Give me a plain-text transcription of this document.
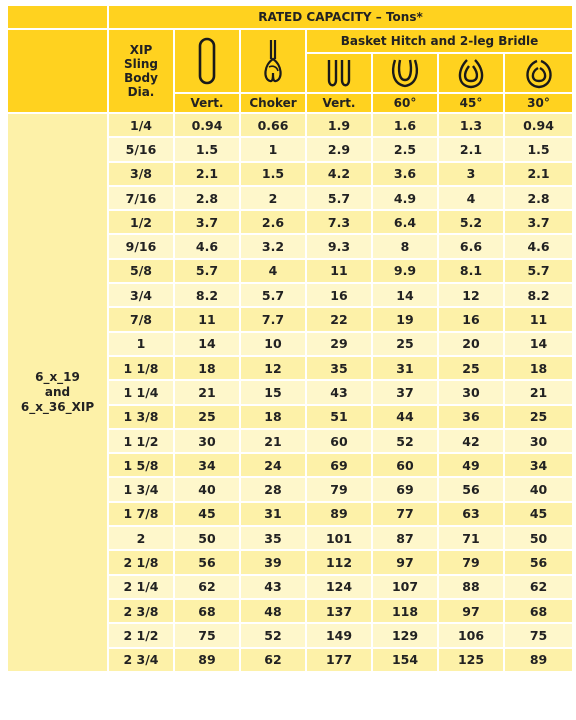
	RATED CAPACITY – Tons*						

	XIP
Sling
Body
Dia.			Basket Hitch and 2-leg Bridle			

		Vert.	Choker	Vert.	60°	45°	30°
6_x_19
and
6_x_36_XIP	1/4	0.94	0.66	1.9	1.6	1.3	0.94
	5/16	1.5	1	2.9	2.5	2.1	1.5
	3/8	2.1	1.5	4.2	3.6	3	2.1
	7/16	2.8	2	5.7	4.9	4	2.8
	1/2	3.7	2.6	7.3	6.4	5.2	3.7
	9/16	4.6	3.2	9.3	8	6.6	4.6
	5/8	5.7	4	11	9.9	8.1	5.7
	3/4	8.2	5.7	16	14	12	8.2
	7/8	11	7.7	22	19	16	11
	1	14	10	29	25	20	14
	1 1/8	18	12	35	31	25	18
	1 1/4	21	15	43	37	30	21
	1 3/8	25	18	51	44	36	25
	1 1/2	30	21	60	52	42	30
	1 5/8	34	24	69	60	49	34
	1 3/4	40	28	79	69	56	40
	1 7/8	45	31	89	77	63	45
	2	50	35	101	87	71	50
	2 1/8	56	39	112	97	79	56
	2 1/4	62	43	124	107	88	62
	2 3/8	68	48	137	118	97	68
	2 1/2	75	52	149	129	106	75
	2 3/4	89	62	177	154	125	89
